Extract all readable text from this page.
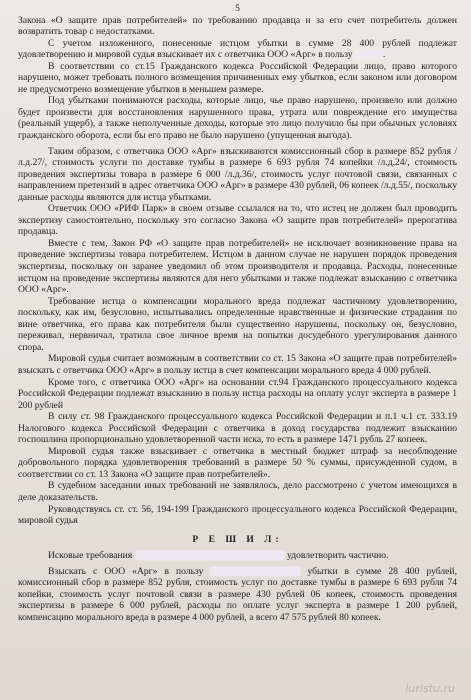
5

Закона «О защите прав потребителей» по требованию продавца и за его счет потребитель должен возвратить товар с недостатками.

С учетом изложенного, понесенные истцом убытки в сумме 28 400 рублей подлежат удовлетворению и мировой судья взыскивает их с ответчика ООО «Арг» в пользу	.

В соответствии со ст.15 Гражданского кодекса Российской Федерации лицо, право которого нарушено, может требовать полного возмещения причиненных ему убытков, если законом или договором не предусмотрено возмещение убытков в меньшем размере.

Под убытками понимаются расходы, которые лицо, чье право нарушено, произвело или должно будет произвести для восстановления нарушенного права, утрата или повреждение его имущества (реальный ущерб), а также неполученные доходы, которые это лицо получило бы при обычных условиях гражданского оборота, если бы его право не было нарушено (упущенная выгода).

Таким образом, с ответчика ООО «Арг» взыскиваются комиссионный сбор в размере 852 рубля /л.д.27/, стоимость услуги по доставке тумбы в размере 6 693 рубля 74 копейки /л.д.24/, стоимость проведения экспертизы товара в размере 6 000 /л.д.36/, стоимость услуг почтовой связи, связанных с направлением претензий в адрес ответчика ООО «Арг» в размере 430 рублей, 06 копеек /л.д.55/, поскольку данные расходы являются для истца убытками.

Ответчик ООО «РИФ Парк» в своем отзыве ссылался на то, что истец не должен был проводить экспертизу самостоятельно, поскольку это согласно Закона «О защите прав потребителей» прерогатива продавца.

Вместе с тем, Закон РФ «О защите прав потребителей» не исключает возникновение права на проведение экспертизы товара потребителем. Истцом в данном случае не нарушен порядок проведения экспертизы, поскольку он заранее уведомил об этом производителя и продавца. Расходы, понесенные истцом на проведение экспертизы являются для него убытками и также подлежат взысканию с ответчика ООО «Арг».

Требование истца о компенсации морального вреда подлежат частичному удовлетворению, поскольку, как им, безусловно, испытывались определенные нравственные и физические страдания по вине ответчика, его права как потребителя были существенно нарушены, поскольку он, безусловно, переживал, нервничал, тратила свое личное время на попытки досудебного урегулирования данного спора.

Мировой судья считает возможным в соответствии со ст. 15 Закона «О защите прав потребителей» взыскать с ответчика ООО «Арг» в пользу истца в счет компенсации морального вреда 4 000 рублей.

Кроме того, с ответчика ООО «Арг» на основании ст.94 Гражданского процессуального кодекса Российской Федерации подлежат взысканию в пользу истца расходы на оплату услуг эксперта в размере 1 200 рублей

В силу ст. 98 Гражданского процессуального кодекса Российской Федерации и п.1 ч.1 ст. 333.19 Налогового кодекса Российской Федерации с ответчика в доход государства подлежит взысканию госпошлина пропорционально удовлетворенной части иска, то есть в размере 1471 рубль 27 копеек.

Мировой судья также взыскивает с ответчика в местный бюджет штраф за несоблюдение добровольного порядка удовлетворения требований в размере 50 % суммы, присужденной судом, в соответствии со ст. 13 Закона «О защите прав потребителей».

В судебном заседании иных требований не заявлялось, дело рассмотрено с учетом имеющихся в деле доказательств.

Руководствуясь ст. ст. 56, 194-199 Гражданского процессуального кодекса Российской Федерации, мировой судья

Р Е Ш И Л:

Исковые требования	удовлетворить частично.

Взыскать с ООО «Арг» в пользу	убытки в сумме 28 400 рублей, комиссионный сбор в размере 852 рубля, стоимость услуг по доставке тумбы в размере 6 693 рубля 74 копейки, стоимость услуг почтовой связи в размере 430 рублей 06 копеек, стоимость проведения экспертизы в размере 6 000 рублей, расходы по оплате услуг эксперта в размере 1 200 рублей, компенсацию морального вреда в размере 4 000 рублей, а всего 47 575 рублей 80 копеек.

luristu.ru
